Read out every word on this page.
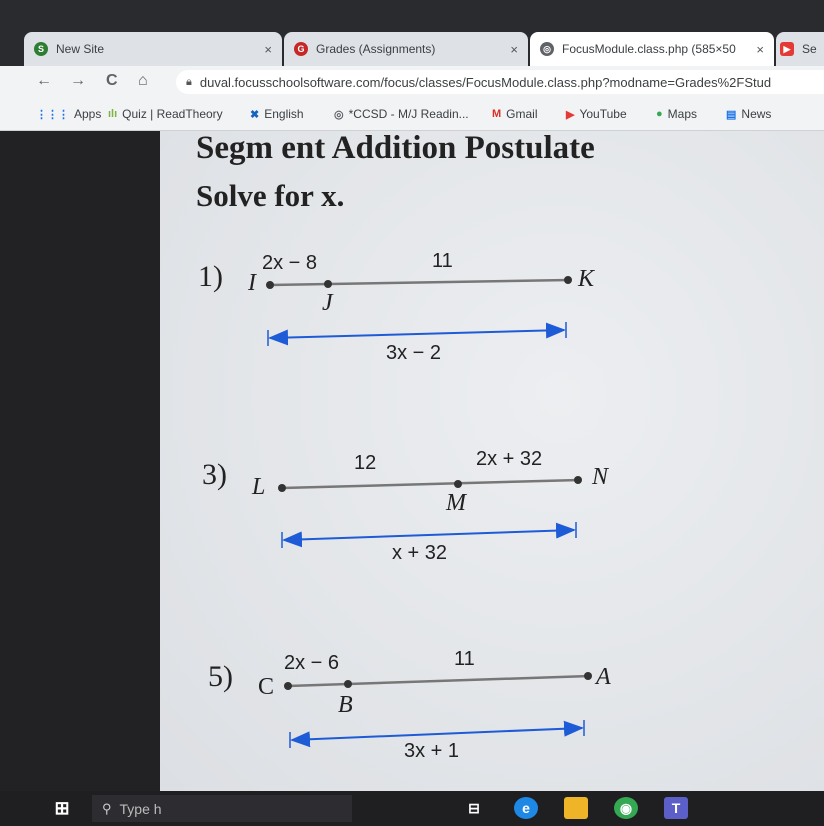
S	New Site	×	G Grades (Assignments)	×	◎ FocusModule.class.php (585×50	×	▶ Se
← → C ⌂	🔒︎ duval.focusschoolsoftware.com/focus/classes/FocusModule.class.php?modname=Grades%2FStud
⋮⋮⋮ Apps ılı Quiz | ReadTheory ✖ English	◎ *CCSD - M/J Readin... M Gmail	▶ YouTube	● Maps	▤ News
Segm ent Addition Postulate
Solve for x.
1) I
J
K
2x − 8	11
3x − 2
3) L
M
N
12	2x + 32
x + 32
5) C
B
A
2x − 6	11
3x + 1
⊞	⚲ Type h	⊟	e	◉	T
